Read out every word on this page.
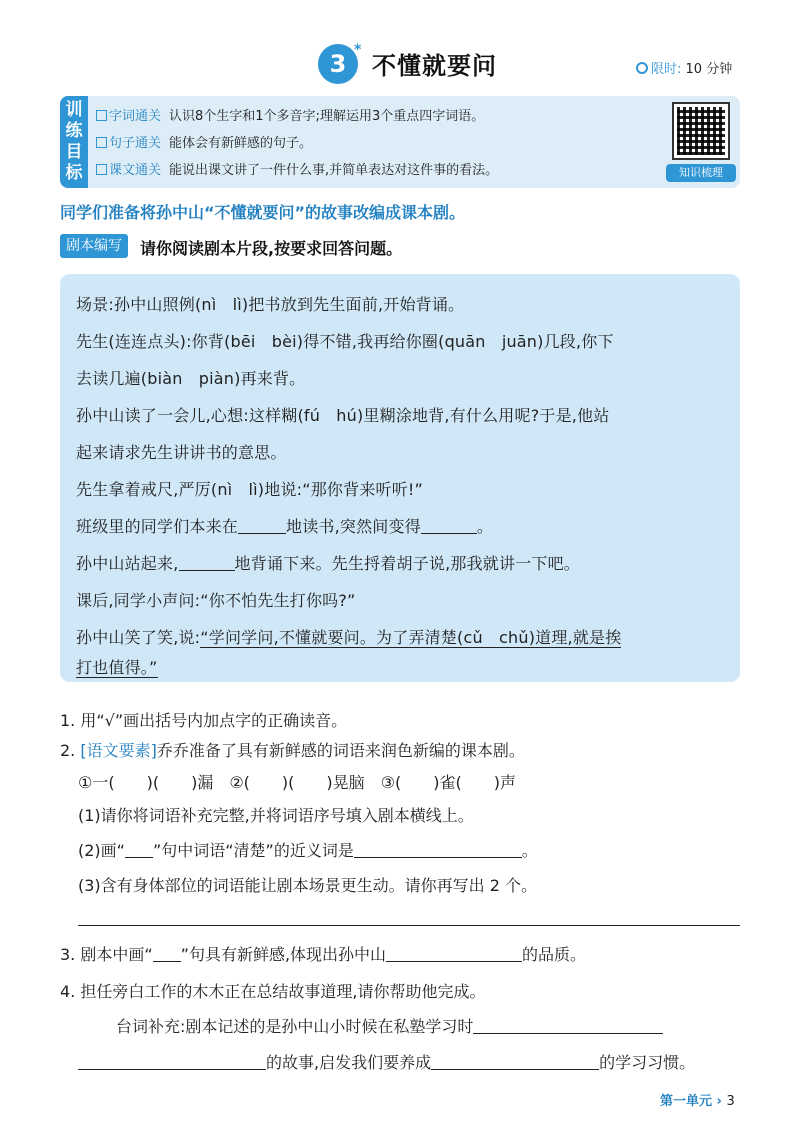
3 *
不懂就要问	限时: 10 分钟
训
练
目
标
字词通关 认识8个生字和1个多音字;理解运用3个重点四字词语。
句子通关 能体会有新鲜感的句子。
课文通关 能说出课文讲了一件什么事,并简单表达对这件事的看法。	知识梳理
同学们准备将孙中山“不懂就要问”的故事改编成课本剧。
剧本编写	请你阅读剧本片段,按要求回答问题。
场景:孙中山照例(nì　lì)把书放到先生面前,开始背诵。
先生(连连点头):你背(bēi　bèi)得不错,我再给你圈(quān　juān)几段,你下
去读几遍(biàn　piàn)再来背。
孙中山读了一会儿,心想:这样糊(fú　hú)里糊涂地背,有什么用呢?于是,他站
起来请求先生讲讲书的意思。
先生拿着戒尺,严厉(nì　lì)地说:“那你背来听听!”
班级里的同学们本来在	地读书,突然间变得	。
孙中山站起来,	地背诵下来。先生捋着胡子说,那我就讲一下吧。
课后,同学小声问:“你不怕先生打你吗?”
孙中山笑了笑,说:“学问学问,不懂就要问。为了弄清楚(cǔ　chǔ)道理,就是挨
打也值得。”
1. 用“√”画出括号内加点字的正确读音。
2. [语文要素]乔乔准备了具有新鲜感的词语来润色新编的课本剧。
①一(　　)(　　)漏　②(　　)(　　)晃脑　③(　　)雀(　　)声
(1)请你将词语补充完整,并将词语序号填入剧本横线上。
(2)画“ ”句中词语“清楚”的近义词是	。
(3)含有身体部位的词语能让剧本场景更生动。请你再写出 2 个。
3. 剧本中画“ ”句具有新鲜感,体现出孙中山	的品质。
4. 担任旁白工作的木木正在总结故事道理,请你帮助他完成。
台词补充:剧本记述的是孙中山小时候在私塾学习时
的故事,启发我们要养成	的学习习惯。
第一单元 › 3
